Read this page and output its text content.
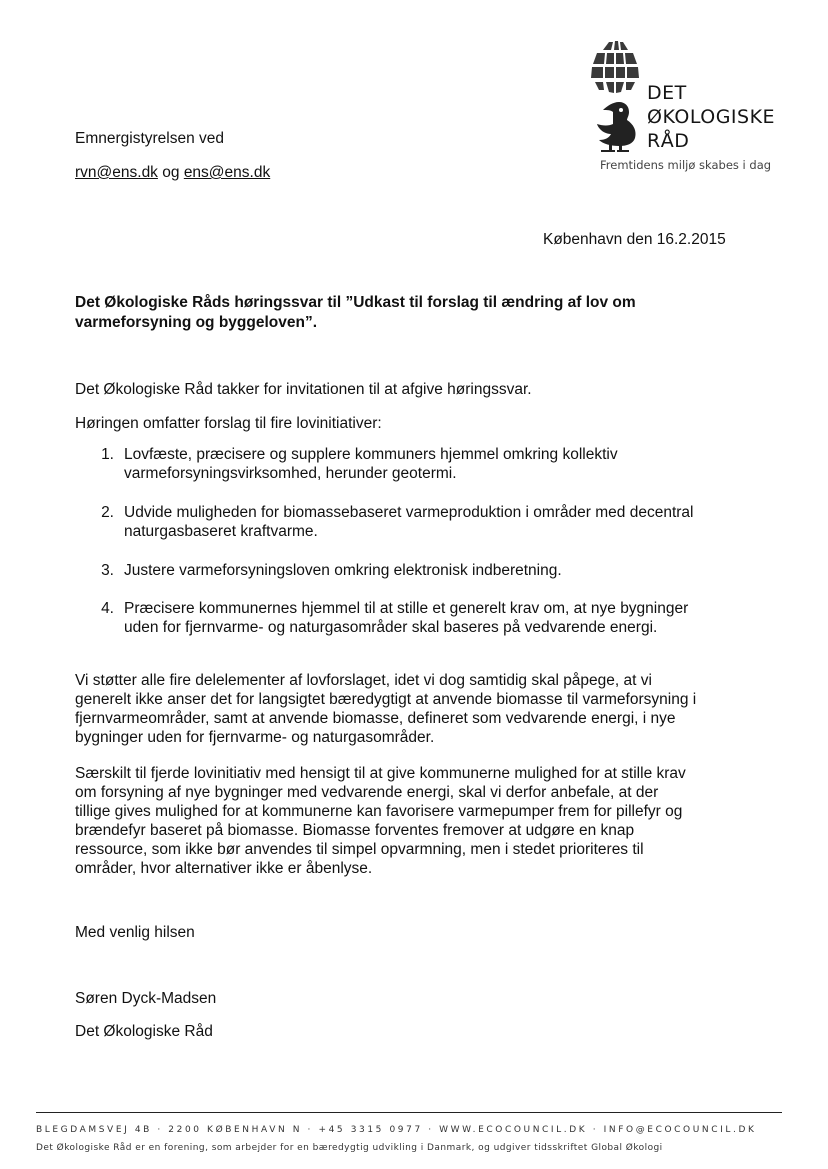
DET
ØKOLOGISKE
RÅD
Fremtidens miljø skabes i dag
Emnergistyrelsen ved
rvn@ens.dk og ens@ens.dk
København den 16.2.2015
Det Økologiske Råds høringssvar til ”Udkast til forslag til ændring af lov om
varmeforsyning og byggeloven”.
Det Økologiske Råd takker for invitationen til at afgive høringssvar.
Høringen omfatter forslag til fire lovinitiativer:
1. Lovfæste, præcisere og supplere kommuners hjemmel omkring kollektiv
varmeforsyningsvirksomhed, herunder geotermi.
2. Udvide muligheden for biomassebaseret varmeproduktion i områder med decentral
naturgasbaseret kraftvarme.
3. Justere varmeforsyningsloven omkring elektronisk indberetning.
4. Præcisere kommunernes hjemmel til at stille et generelt krav om, at nye bygninger
uden for fjernvarme- og naturgasområder skal baseres på vedvarende energi.
Vi støtter alle fire delelementer af lovforslaget, idet vi dog samtidig skal påpege, at vi
generelt ikke anser det for langsigtet bæredygtigt at anvende biomasse til varmeforsyning i
fjernvarmeområder, samt at anvende biomasse, defineret som vedvarende energi, i nye
bygninger uden for fjernvarme- og naturgasområder.
Særskilt til fjerde lovinitiativ med hensigt til at give kommunerne mulighed for at stille krav
om forsyning af nye bygninger med vedvarende energi, skal vi derfor anbefale, at der
tillige gives mulighed for at kommunerne kan favorisere varmepumper frem for pillefyr og
brændefyr baseret på biomasse. Biomasse forventes fremover at udgøre en knap
ressource, som ikke bør anvendes til simpel opvarmning, men i stedet prioriteres til
områder, hvor alternativer ikke er åbenlyse.
Med venlig hilsen
Søren Dyck-Madsen
Det Økologiske Råd
BLEGDAMSVEJ 4B · 2200 KØBENHAVN N · +45 3315 0977 · WWW.ECOCOUNCIL.DK · INFO@ECOCOUNCIL.DK
Det Økologiske Råd er en forening, som arbejder for en bæredygtig udvikling i Danmark, og udgiver tidsskriftet Global Økologi
